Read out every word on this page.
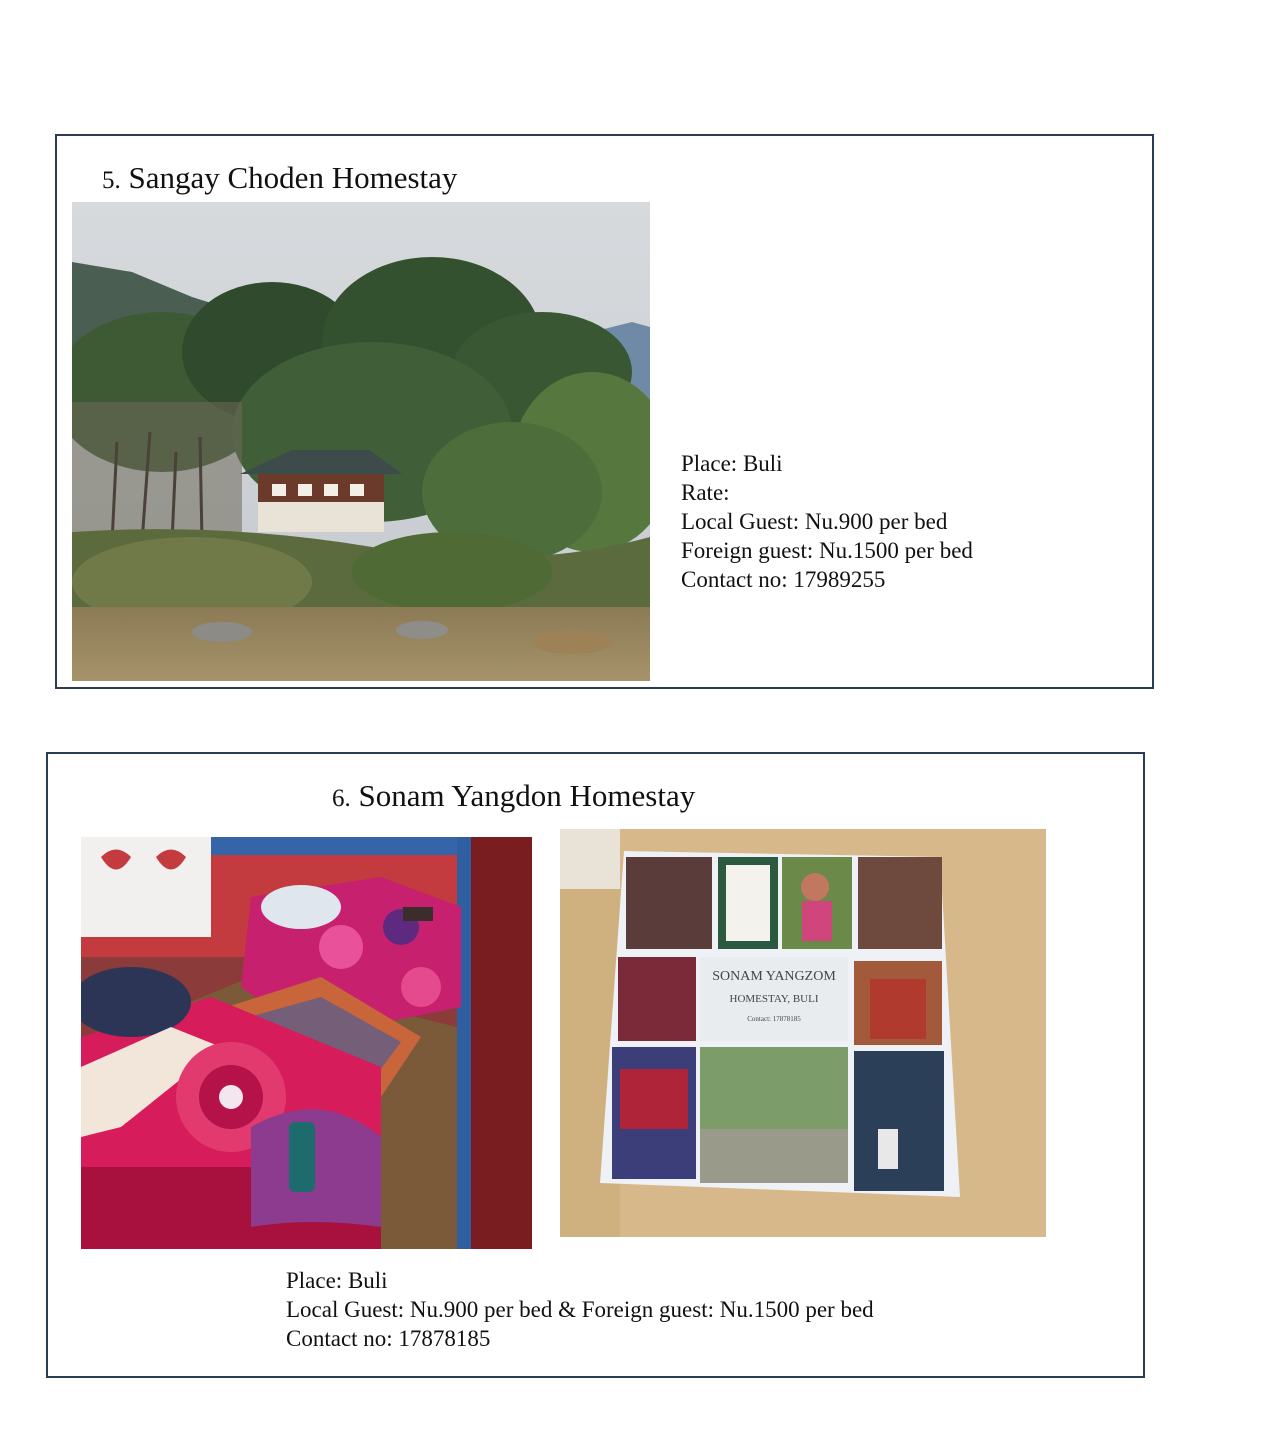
5. Sangay Choden Homestay
Place: Buli
Rate:
Local Guest: Nu.900 per bed
Foreign guest: Nu.1500 per bed
Contact no: 17989255
6. Sonam Yangdon Homestay
SONAM YANGZOM
HOMESTAY, BULI
Contact: 17878185
Place: Buli
Local Guest: Nu.900 per bed & Foreign guest: Nu.1500 per bed
Contact no: 17878185
